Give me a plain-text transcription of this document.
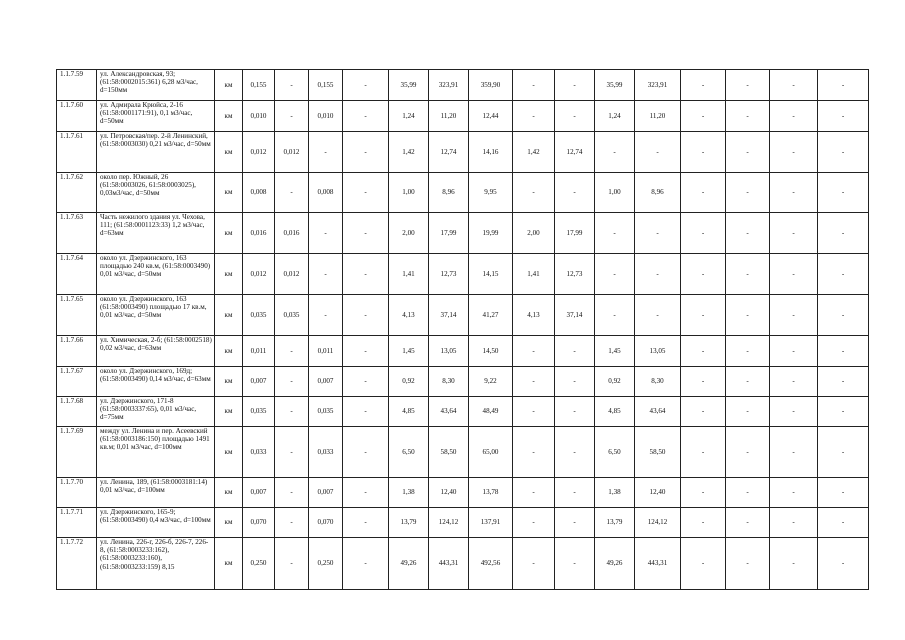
1.1.7.59	ул. Александровская, 93;(61:58:0002015:361) 6,28 м3/час, d=150мм	км	0,155	-	0,155	-	35,99	323,91	359,90	-	-	35,99	323,91	-	-	-	-
1.1.7.60	ул. Адмирала Крюйса, 2-16 (61:58:0001171:91), 0,1 м3/час, d=50мм	км	0,010	-	0,010	-	1,24	11,20	12,44	-	-	1,24	11,20	-	-	-	-
1.1.7.61	ул. Петровская/пер. 2-й Ленинский, (61:58:0003030) 0,21 м3/час, d=50мм	км	0,012	0,012	-	-	1,42	12,74	14,16	1,42	12,74	-	-	-	-	-	-
1.1.7.62	около пер. Южный, 26 (61:58:0003026, 61:58:0003025), 0,03м3/час, d=50мм	км	0,008	-	0,008	-	1,00	8,96	9,95	-	-	1,00	8,96	-	-	-	-
1.1.7.63	Часть нежилого здания ул. Чехова, 111; (61:58:0001123:33) 1,2 м3/час, d=63мм	км	0,016	0,016	-	-	2,00	17,99	19,99	2,00	17,99	-	-	-	-	-	-
1.1.7.64	около ул. Дзержинского, 163 площадью 240 кв.м, (61:58:0003490) 0,01 м3/час, d=50мм	км	0,012	0,012	-	-	1,41	12,73	14,15	1,41	12,73	-	-	-	-	-	-
1.1.7.65	около ул. Дзержинского, 163 (61:58:0003490) площадью 17 кв.м, 0,01 м3/час, d=50мм	км	0,035	0,035	-	-	4,13	37,14	41,27	4,13	37,14	-	-	-	-	-	-
1.1.7.66	ул. Химическая, 2-б; (61:58:0002518) 0,02 м3/час, d=63мм	км	0,011	-	0,011	-	1,45	13,05	14,50	-	-	1,45	13,05	-	-	-	-
1.1.7.67	около ул. Дзержинского, 169д; (61:58:0003490) 0,14 м3/час, d=63мм	км	0,007	-	0,007	-	0,92	8,30	9,22	-	-	0,92	8,30	-	-	-	-
1.1.7.68	ул. Дзержинского, 171-8 (61:58:0003337:65), 0,01 м3/час, d=75мм	км	0,035	-	0,035	-	4,85	43,64	48,49	-	-	4,85	43,64	-	-	-	-
1.1.7.69	между ул. Ленина и пер. Асеевский (61:58:0003186:150) площадью 1491 кв.м; 0,01 м3/час, d=100мм	км	0,033	-	0,033	-	6,50	58,50	65,00	-	-	6,50	58,50	-	-	-	-
1.1.7.70	ул. Ленина, 189, (61:58:0003181:14) 0,01 м3/час, d=100мм	км	0,007	-	0,007	-	1,38	12,40	13,78	-	-	1,38	12,40	-	-	-	-
1.1.7.71	ул. Дзержинского, 165-9;(61:58:0003490) 0,4 м3/час, d=100мм	км	0,070	-	0,070	-	13,79	124,12	137,91	-	-	13,79	124,12	-	-	-	-
1.1.7.72	ул. Ленина, 226-г, 226-б, 226-7, 226-8, (61:58:0003233:162), (61:58:0003233:160), (61:58:0003233:159) 8,15	км	0,250	-	0,250	-	49,26	443,31	492,56	-	-	49,26	443,31	-	-	-	-
